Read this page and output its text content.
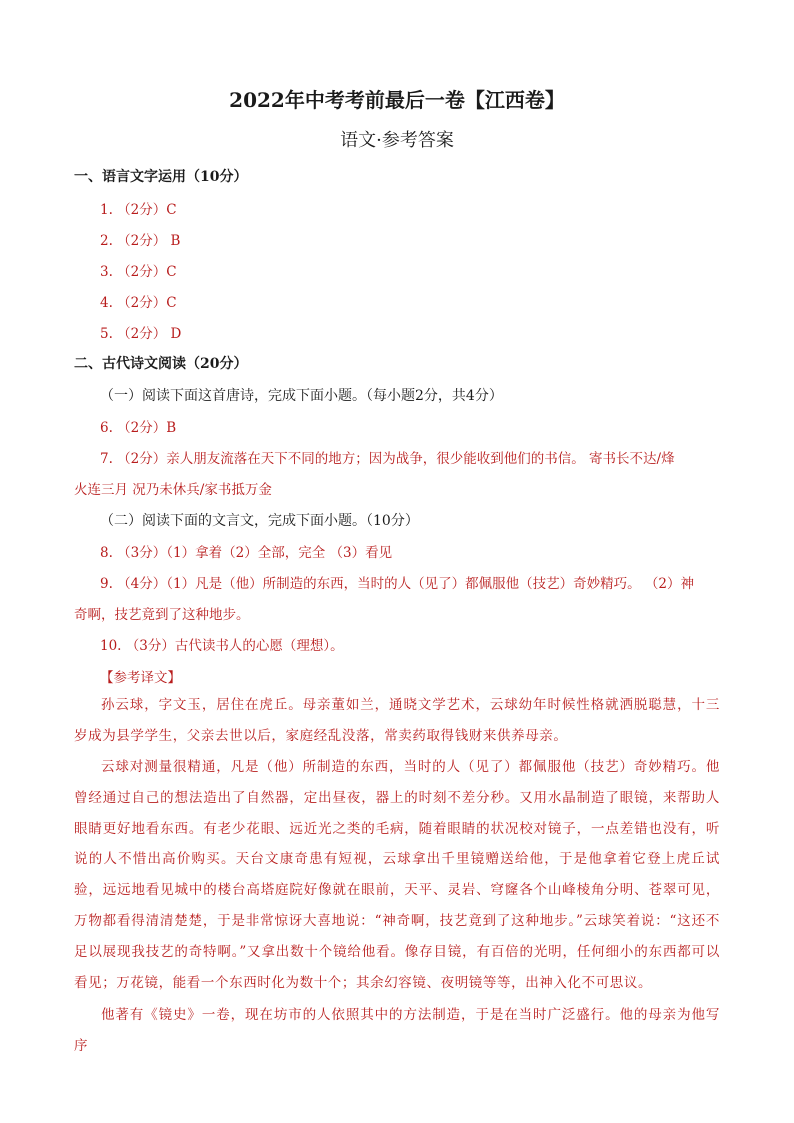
2022年中考考前最后一卷【江西卷】
语文·参考答案
一、语言文字运用（10分）
1. （2分）C
2. （2分） B
3. （2分）C
4. （2分）C
5. （2分） D
二、古代诗文阅读（20分）
（一）阅读下面这首唐诗，完成下面小题。（每小题2分，共4分）
6. （2分）B
7. （2分）亲人朋友流落在天下不同的地方；因为战争，很少能收到他们的书信。 寄书长不达/烽
火连三月 况乃未休兵/家书抵万金
（二）阅读下面的文言文，完成下面小题。（10分）
8. （3分）（1）拿着（2）全部，完全 （3）看见
9. （4分）（1）凡是（他）所制造的东西，当时的人（见了）都佩服他（技艺）奇妙精巧。 （2）神
奇啊，技艺竟到了这种地步。
10. （3分）古代读书人的心愿（理想）。
【参考译文】
孙云球，字文玉，居住在虎丘。母亲董如兰，通晓文学艺术，云球幼年时候性格就洒脱聪慧，十三岁成为县学学生，父亲去世以后，家庭经乱没落，常卖药取得钱财来供养母亲。
云球对测量很精通，凡是（他）所制造的东西，当时的人（见了）都佩服他（技艺）奇妙精巧。他曾经通过自己的想法造出了自然器，定出昼夜，器上的时刻不差分秒。又用水晶制造了眼镜，来帮助人眼睛更好地看东西。有老少花眼、远近光之类的毛病，随着眼睛的状况校对镜子，一点差错也没有，听说的人不惜出高价购买。天台文康奇患有短视，云球拿出千里镜赠送给他，于是他拿着它登上虎丘试验，远远地看见城中的楼台高塔庭院好像就在眼前，天平、灵岩、穹窿各个山峰棱角分明、苍翠可见，万物都看得清清楚楚，于是非常惊讶大喜地说：“神奇啊，技艺竟到了这种地步。”云球笑着说：“这还不足以展现我技艺的奇特啊。”又拿出数十个镜给他看。像存目镜，有百倍的光明，任何细小的东西都可以看见；万花镜，能看一个东西时化为数十个；其余幻容镜、夜明镜等等，出神入化不可思议。
他著有《镜史》一卷，现在坊市的人依照其中的方法制造，于是在当时广泛盛行。他的母亲为他写序
